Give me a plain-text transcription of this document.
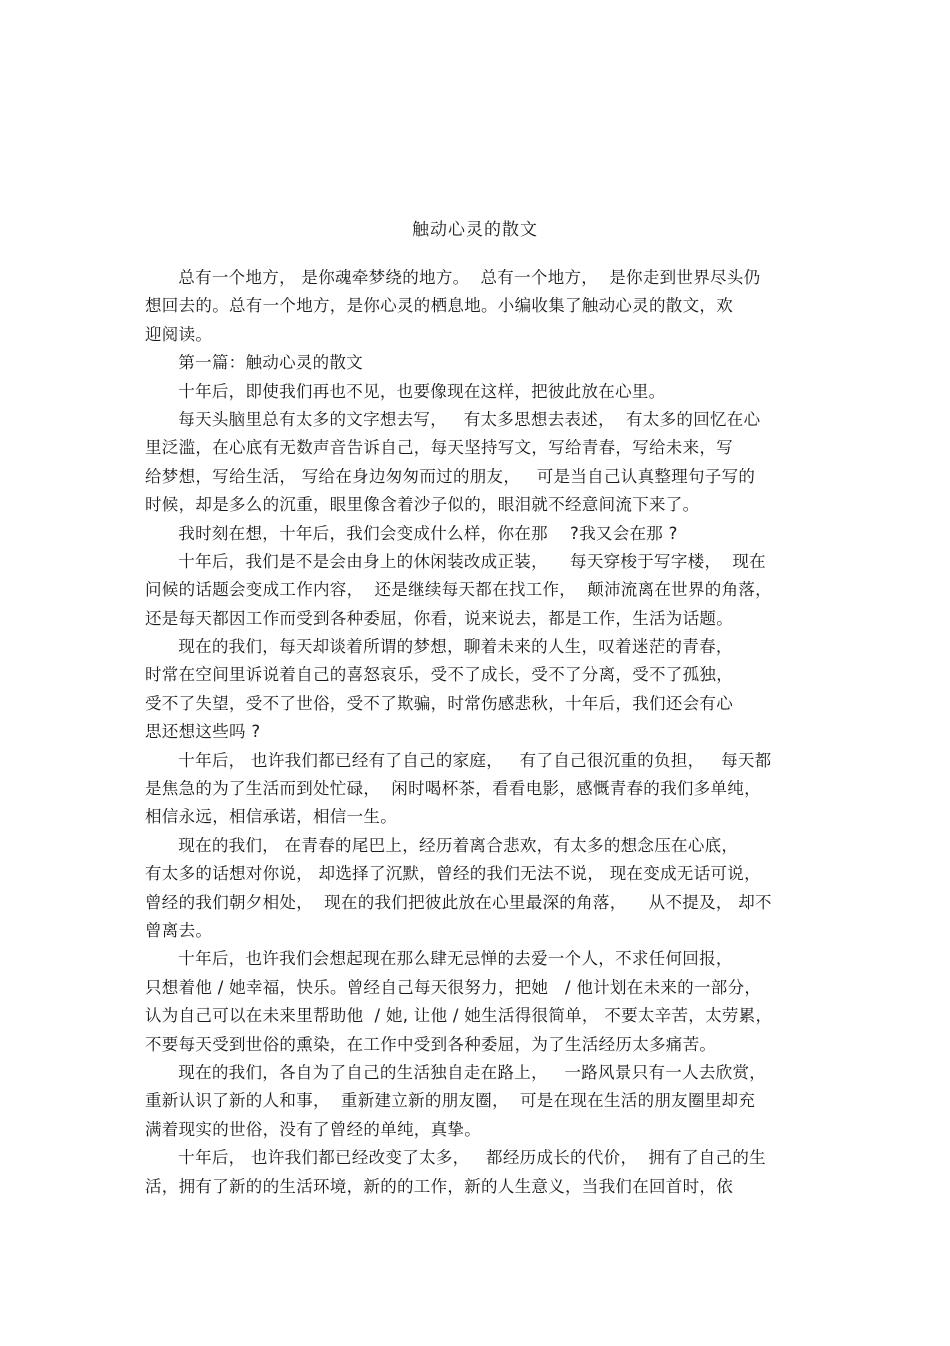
触动心灵的散文
总有一个地方， 是你魂牵梦绕的地方。  总有一个地方，  是你走到世界尽头仍
想回去的。总有一个地方，是你心灵的栖息地。小编收集了触动心灵的散文，欢
迎阅读。
第一篇：触动心灵的散文
十年后，即使我们再也不见，也要像现在这样，把彼此放在心里。
每天头脑里总有太多的文字想去写，   有太多思想去表述，  有太多的回忆在心
里泛滥，在心底有无数声音告诉自己，每天坚持写文，写给青春，写给未来，写
给梦想，写给生活， 写给在身边匆匆而过的朋友，   可是当自己认真整理句子写的
时候，却是多么的沉重，眼里像含着沙子似的，眼泪就不经意间流下来了。
我时刻在想，十年后，我们会变成什么样，你在那    ?我又会在那 ?
十年后，我们是不是会由身上的休闲装改成正装，    每天穿梭于写字楼，  现在
问候的话题会变成工作内容，  还是继续每天都在找工作，  颠沛流离在世界的角落，
还是每天都因工作而受到各种委屈，你看，说来说去，都是工作，生活为话题。
现在的我们，每天却谈着所谓的梦想，聊着未来的人生，叹着迷茫的青春，
时常在空间里诉说着自己的喜怒哀乐，受不了成长，受不了分离，受不了孤独，
受不了失望，受不了世俗，受不了欺骗，时常伤感悲秋，十年后，我们还会有心
思还想这些吗 ?
十年后， 也许我们都已经有了自己的家庭，   有了自己很沉重的负担，   每天都
是焦急的为了生活而到处忙碌，  闲时喝杯茶，看看电影，感慨青春的我们多单纯，
相信永远，相信承诺，相信一生。
现在的我们， 在青春的尾巴上，经历着离合悲欢，有太多的想念压在心底，
有太多的话想对你说， 却选择了沉默，曾经的我们无法不说， 现在变成无话可说，
曾经的我们朝夕相处，  现在的我们把彼此放在心里最深的角落，    从不提及， 却不
曾离去。
十年后，也许我们会想起现在那么肆无忌惮的去爱一个人，不求任何回报，
只想着他 / 她幸福，快乐。曾经自己每天很努力，把她   / 他计划在未来的一部分，
认为自己可以在未来里帮助他  / 她, 让他 / 她生活得很简单， 不要太辛苦，太劳累，
不要每天受到世俗的熏染，在工作中受到各种委屈，为了生活经历太多痛苦。
现在的我们，各自为了自己的生活独自走在路上，   一路风景只有一人去欣赏，
重新认识了新的人和事，  重新建立新的朋友圈，  可是在现在生活的朋友圈里却充
满着现实的世俗，没有了曾经的单纯，真挚。
十年后， 也许我们都已经改变了太多，   都经历成长的代价，  拥有了自己的生
活，拥有了新的的生活环境，新的的工作，新的人生意义，当我们在回首时，依
